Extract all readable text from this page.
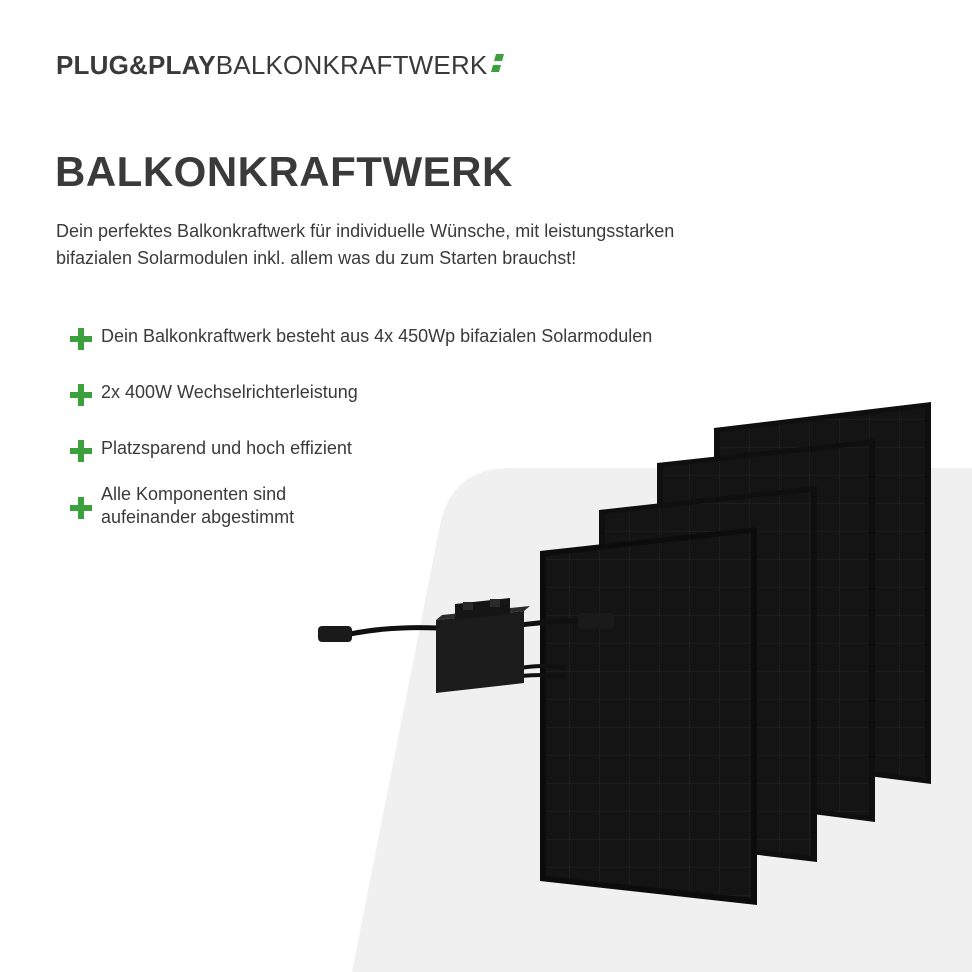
PLUG&PLAYBALKONKRAFTWERK
BALKONKRAFTWERK

Dein perfektes Balkonkraftwerk für individuelle Wünsche, mit leistungsstarken
bifazialen Solarmodulen inkl. allem was du zum Starten brauchst!

Dein Balkonkraftwerk besteht aus 4x 450Wp bifazialen Solarmodulen
2x 400W Wechselrichterleistung
Platzsparend und hoch effizient
Alle Komponenten sind
aufeinander abgestimmt
